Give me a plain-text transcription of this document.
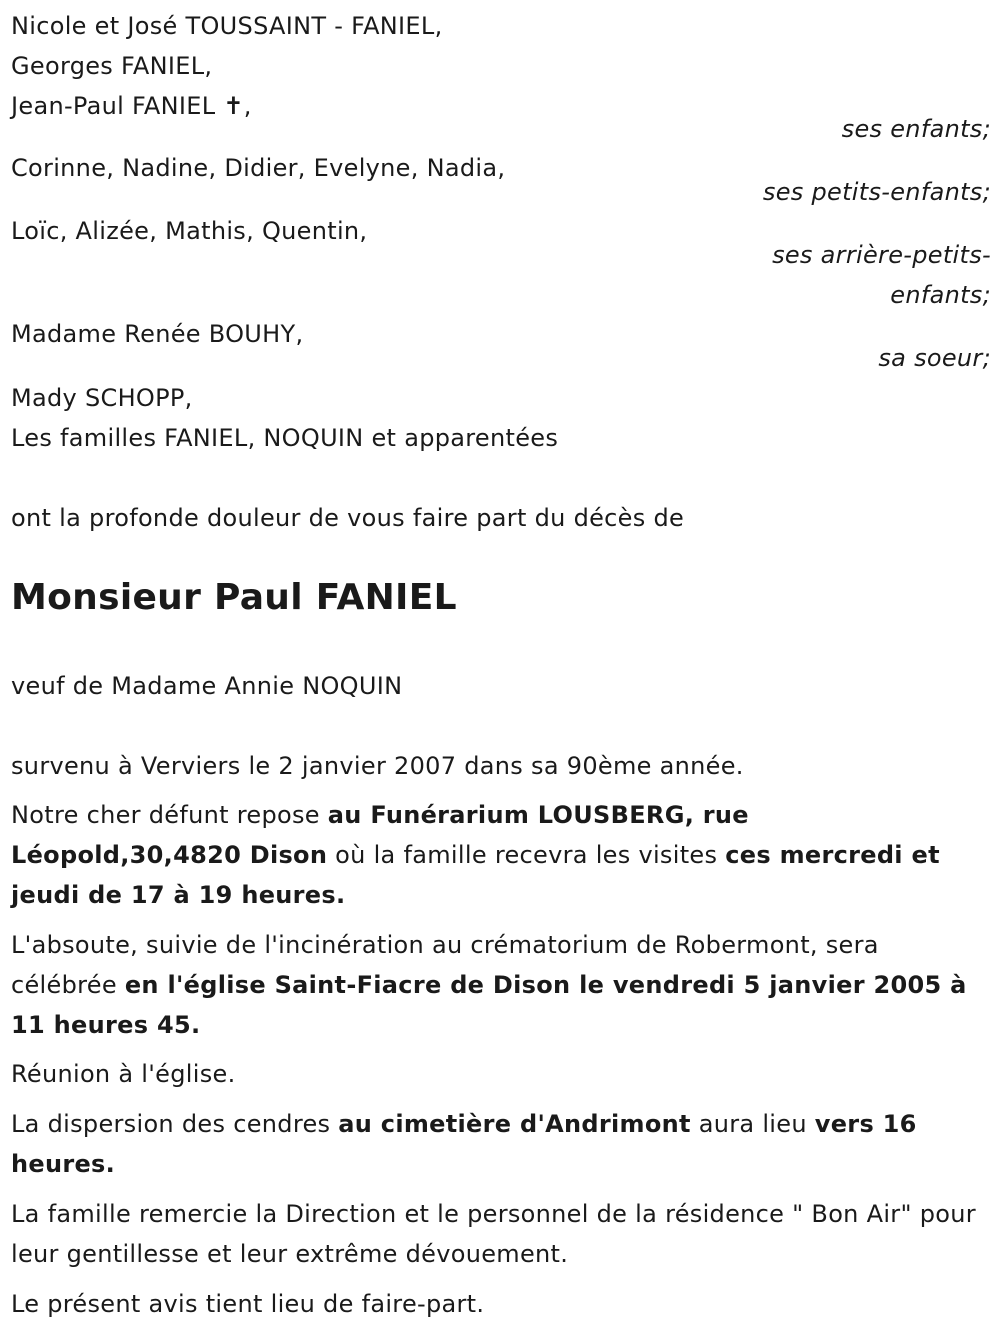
Nicole et José TOUSSAINT - FANIEL,
Georges FANIEL,
Jean-Paul FANIEL ✝,
ses enfants;
Corinne, Nadine, Didier, Evelyne, Nadia,
ses petits-enfants;
Loïc, Alizée, Mathis, Quentin,
ses arrière-petits-
enfants;
Madame Renée BOUHY,
sa soeur;
Mady SCHOPP,
Les familles FANIEL, NOQUIN et apparentées
ont la profonde douleur de vous faire part du décès de
Monsieur Paul FANIEL
veuf de Madame Annie NOQUIN
survenu à Verviers le 2 janvier 2007 dans sa 90ème année.
Notre cher défunt repose au Funérarium LOUSBERG, rue Léopold,30,4820 Dison où la famille recevra les visites ces mercredi et jeudi de 17 à 19 heures.
L'absoute, suivie de l'incinération au crématorium de Robermont, sera célébrée en l'église Saint-Fiacre de Dison le vendredi 5 janvier 2005 à 11 heures 45.
Réunion à l'église.
La dispersion des cendres au cimetière d'Andrimont aura lieu vers 16 heures.
La famille remercie la Direction et le personnel de la résidence " Bon Air" pour leur gentillesse et leur extrême dévouement.
Le présent avis tient lieu de faire-part.
